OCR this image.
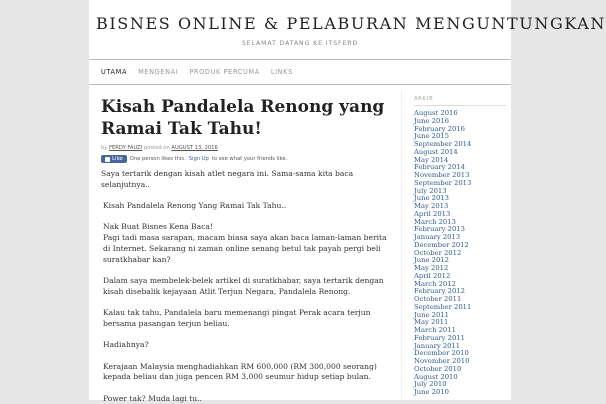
BISNES ONLINE & PELABURAN MENGUNTUNGKAN
SELAMAT DATANG KE ITSFERD
UTAMA MENGENAI PRODUK PERCUMA LINKS
Kisah Pandalela Renong yang Ramai Tak Tahu!
by FERDY FAUZI posted on AUGUST 13, 2016
Like One person likes this. Sign Up to see what your friends like.

Saya tertarik dengan kisah atlet negara ini. Sama-sama kita baca selanjutnya..

Kisah Pandalela Renong Yang Ramai Tak Tahu..

Nak Buat Bisnes Kena Baca!

Pagi tadi masa sarapan, macam biasa saya akan baca laman-laman berita di Internet. Sekarang ni zaman online senang betul tak payah pergi beli suratkhabar kan?

Dalam saya membelek-belek artikel di suratkhabar, saya tertarik dengan kisah disebalik kejayaan Atlit Terjun Negara, Pandalela Renong.

Kalau tak tahu, Pandalela baru memenangi pingat Perak acara terjun bersama pasangan terjun beliau.

Hadiahnya?

Kerajaan Malaysia menghadiahkan RM 600,000 (RM 300,000 seorang) kepada beliau dan juga pencen RM 3,000 seumur hidup setiap bulan.

Power tak? Muda lagi tu..

ARKIB
August 2016
June 2016
February 2016
June 2015
September 2014
August 2014
May 2014
February 2014
November 2013
September 2013
July 2013
June 2013
May 2013
April 2013
March 2013
February 2013
January 2013
December 2012
October 2012
June 2012
May 2012
April 2012
March 2012
February 2012
October 2011
September 2011
June 2011
May 2011
March 2011
February 2011
January 2011
December 2010
November 2010
October 2010
August 2010
July 2010
June 2010
